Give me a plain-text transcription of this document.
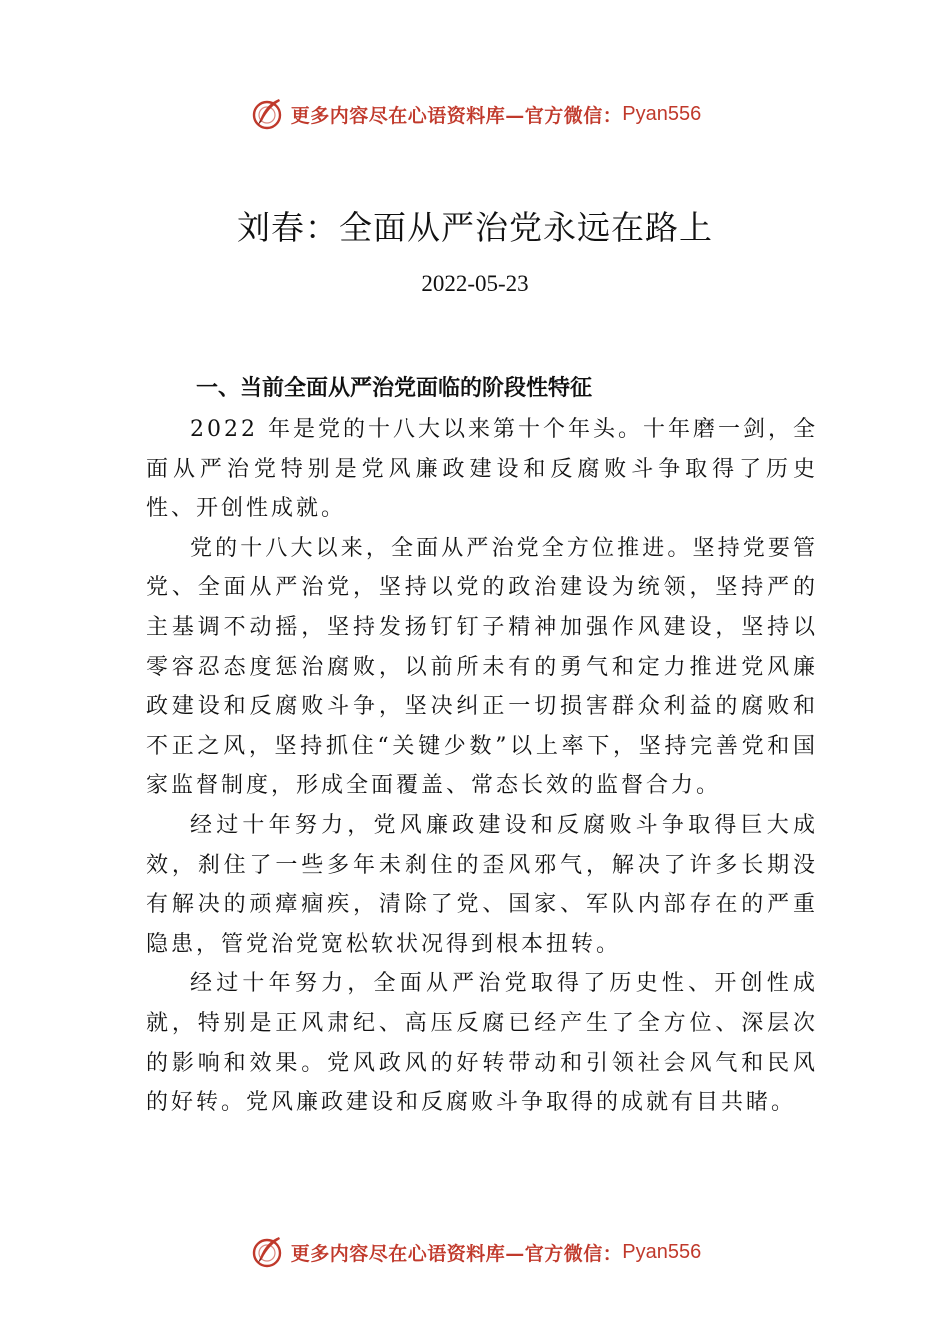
更多内容尽在心语资料库—官方微信： Pyan556
刘春：全面从严治党永远在路上
2022-05-23
一、当前全面从严治党面临的阶段性特征

2022 年是党的十八大以来第十个年头。十年磨一剑，全面从严治党特别是党风廉政建设和反腐败斗争取得了历史性、开创性成就。

党的十八大以来，全面从严治党全方位推进。坚持党要管党、全面从严治党，坚持以党的政治建设为统领，坚持严的主基调不动摇，坚持发扬钉钉子精神加强作风建设，坚持以零容忍态度惩治腐败，以前所未有的勇气和定力推进党风廉政建设和反腐败斗争，坚决纠正一切损害群众利益的腐败和不正之风，坚持抓住“关键少数”以上率下，坚持完善党和国家监督制度，形成全面覆盖、常态长效的监督合力。

经过十年努力，党风廉政建设和反腐败斗争取得巨大成效，刹住了一些多年未刹住的歪风邪气，解决了许多长期没有解决的顽瘴痼疾，清除了党、国家、军队内部存在的严重隐患，管党治党宽松软状况得到根本扭转。

经过十年努力，全面从严治党取得了历史性、开创性成就，特别是正风肃纪、高压反腐已经产生了全方位、深层次的影响和效果。党风政风的好转带动和引领社会风气和民风的好转。党风廉政建设和反腐败斗争取得的成就有目共睹。

更多内容尽在心语资料库—官方微信： Pyan556
